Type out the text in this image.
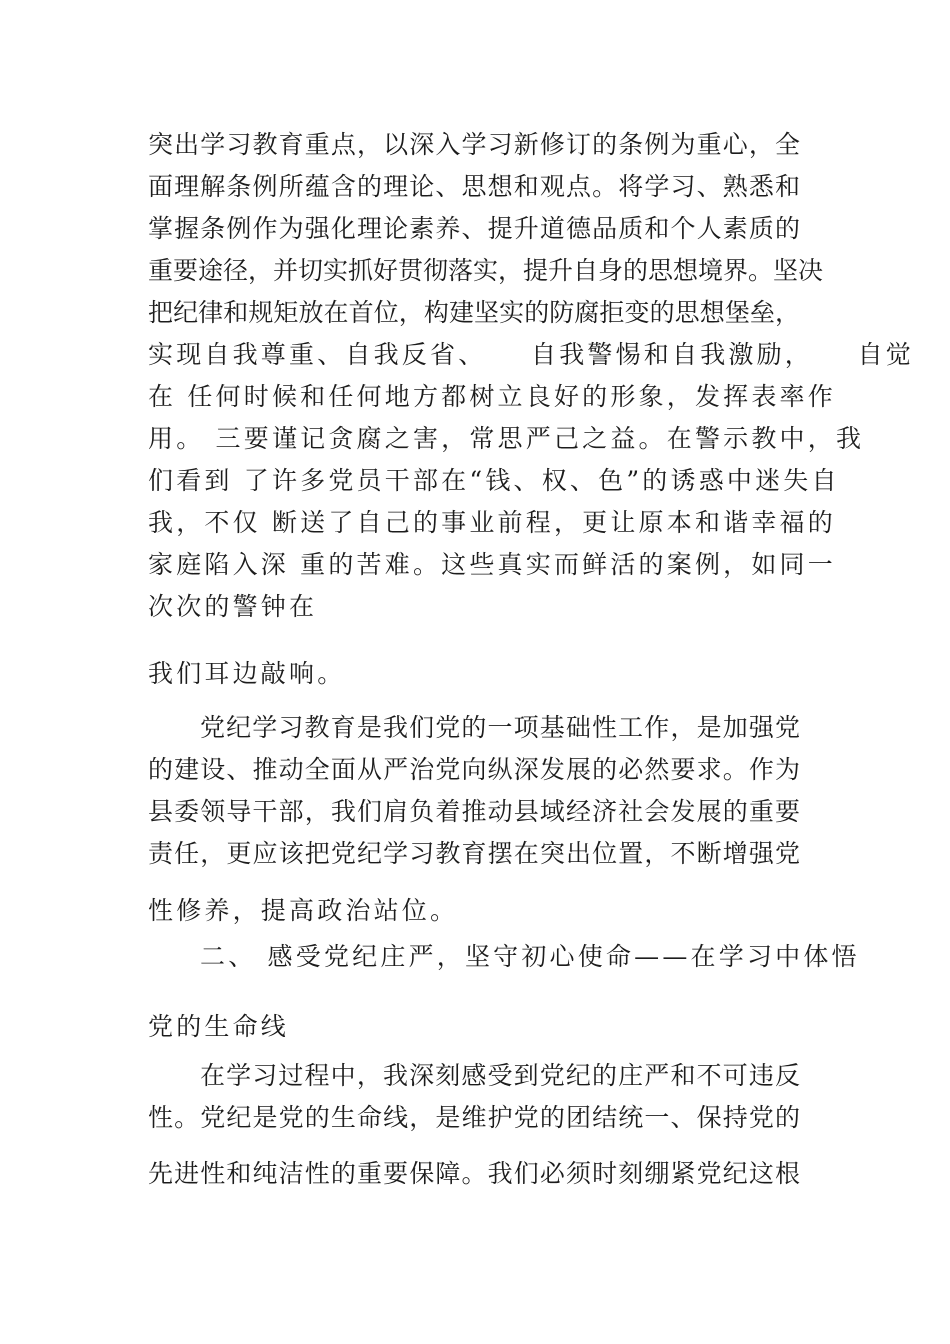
突出学习教育重点，以深入学习新修订的条例为重心，全
面理解条例所蕴含的理论、思想和观点。将学习、熟悉和
掌握条例作为强化理论素养、提升道德品质和个人素质的
重要途径，并切实抓好贯彻落实，提升自身的思想境界。坚决
把纪律和规矩放在首位，构建坚实的防腐拒变的思想堡垒，
实现自我尊重、自我反省、    自我警惕和自我激励，    自觉
在 任何时候和任何地方都树立良好的形象，发挥表率作
用。 三要谨记贪腐之害，常思严己之益。在警示教中，我
们看到 了许多党员干部在“钱、权、色”的诱惑中迷失自
我，不仅 断送了自己的事业前程，更让原本和谐幸福的
家庭陷入深 重的苦难。这些真实而鲜活的案例，如同一
次次的警钟在
我们耳边敲响。
党纪学习教育是我们党的一项基础性工作，是加强党
的建设、推动全面从严治党向纵深发展的必然要求。作为
县委领导干部，我们肩负着推动县域经济社会发展的重要
责任，更应该把党纪学习教育摆在突出位置，不断增强党
性修养，提高政治站位。
二、 感受党纪庄严，坚守初心使命——在学习中体悟
党的生命线
在学习过程中，我深刻感受到党纪的庄严和不可违反
性。党纪是党的生命线，是维护党的团结统一、保持党的
先进性和纯洁性的重要保障。我们必须时刻绷紧党纪这根
